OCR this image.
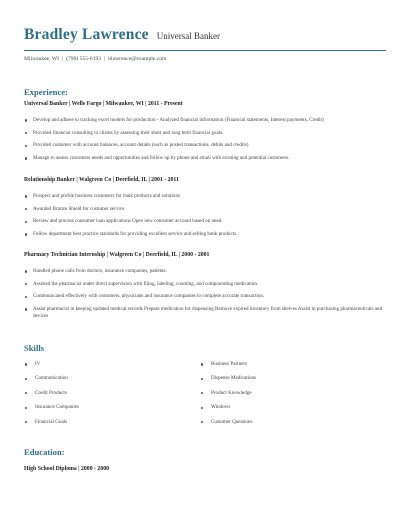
Bradley Lawrence Universal Banker
Milwaukee, WI | (790) 555-6193 | blawrence@example.com
Experience:
Universal Banker | Wells Fargo | Milwaukee, WI | 2011 - Present
Develop and adhere to tracking excel models for production - Analyzed financial information (Financial statements, Interest payments, Credit)
Provided financial consulting to clients by assessing their short and long term financial goals.
Provided customer with account balances, account details (such as posted transactions, debits and credits)
Manage to assess customers needs and opportunities and follow up by phone and email with existing and potential customers.
Relationship Banker | Walgreen Co | Deerfield, IL | 2001 - 2011
Prospect and profile business customers for bank products and solutions
Awarded Bronze Shield for customer service
Review and process consumer loan applications Open new consumer account based on need.
Follow department best practice standards for providing excellent service and selling bank products.
Pharmacy Technician Internship | Walgreen Co | Deerfield, IL | 2000 - 2001
Handled phone calls from doctors, insurance companies, patients.
Assisted the pharmacist under direct supervision with filing, labeling, counting, and compounding medication.
Communicated effectively with customers, physicians and insurance companies to complete accurate transaction.
Assist pharmacist in keeping updated medical records Prepare medication for dispensing Remove expired inventory from shelves Assist in purchasing pharmaceuticals and devices
Skills
IV
Communication
Credit Products
Insurance Companies
Financial Goals
Business Partners
Dispense Medications
Product Knowledge
Windows
Customer Questions
Education:
High School Diploma | 2000 - 2000
